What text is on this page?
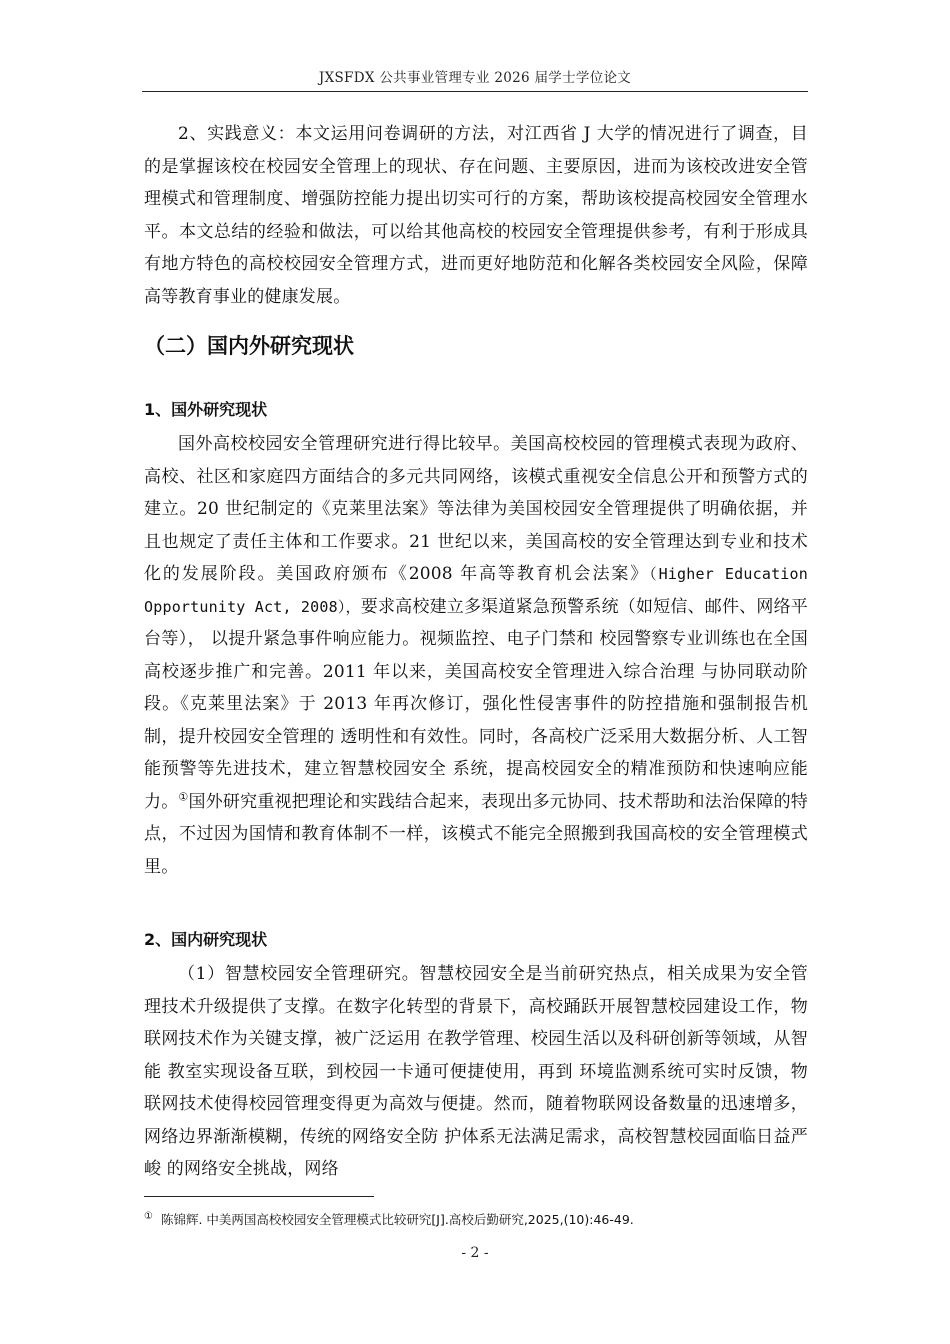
JXSFDX 公共事业管理专业 2026 届学士学位论文

2、实践意义：本文运用问卷调研的方法，对江西省 J 大学的情况进行了调查，目的是掌握该校在校园安全管理上的现状、存在问题、主要原因，进而为该校改进安全管理模式和管理制度、增强防控能力提出切实可行的方案，帮助该校提高校园安全管理水平。本文总结的经验和做法，可以给其他高校的校园安全管理提供参考，有利于形成具有地方特色的高校校园安全管理方式，进而更好地防范和化解各类校园安全风险，保障高等教育事业的健康发展。

（二）国内外研究现状
1、国外研究现状

国外高校校园安全管理研究进行得比较早。美国高校校园的管理模式表现为政府、高校、社区和家庭四方面结合的多元共同网络，该模式重视安全信息公开和预警方式的建立。20 世纪制定的《克莱里法案》等法律为美国校园安全管理提供了明确依据，并且也规定了责任主体和工作要求。21 世纪以来，美国高校的安全管理达到专业和技术化的发展阶段。美国政府颁布《2008 年高等教育机会法案》（Higher Education Opportunity Act, 2008），要求高校建立多渠道紧急预警系统（如短信、邮件、网络平台等）， 以提升紧急事件响应能力。视频监控、电子门禁和 校园警察专业训练也在全国高校逐步推广和完善。2011 年以来，美国高校安全管理进入综合治理 与协同联动阶段。《克莱里法案》于 2013 年再次修订，强化性侵害事件的防控措施和强制报告机制，提升校园安全管理的 透明性和有效性。同时，各高校广泛采用大数据分析、人工智能预警等先进技术，建立智慧校园安全 系统，提高校园安全的精准预防和快速响应能力。①国外研究重视把理论和实践结合起来，表现出多元协同、技术帮助和法治保障的特点，不过因为国情和教育体制不一样，该模式不能完全照搬到我国高校的安全管理模式里。

2、国内研究现状

（1）智慧校园安全管理研究。智慧校园安全是当前研究热点，相关成果为安全管理技术升级提供了支撑。在数字化转型的背景下，高校踊跃开展智慧校园建设工作，物联网技术作为关键支撑，被广泛运用 在教学管理、校园生活以及科研创新等领域，从智能 教室实现设备互联，到校园一卡通可便捷使用，再到 环境监测系统可实时反馈，物联网技术使得校园管理变得更为高效与便捷。然而，随着物联网设备数量的迅速增多，网络边界渐渐模糊，传统的网络安全防 护体系无法满足需求，高校智慧校园面临日益严峻 的网络安全挑战，网络

① 陈锦辉. 中美两国高校校园安全管理模式比较研究[J].高校后勤研究,2025,(10):46-49.
- 2 -
